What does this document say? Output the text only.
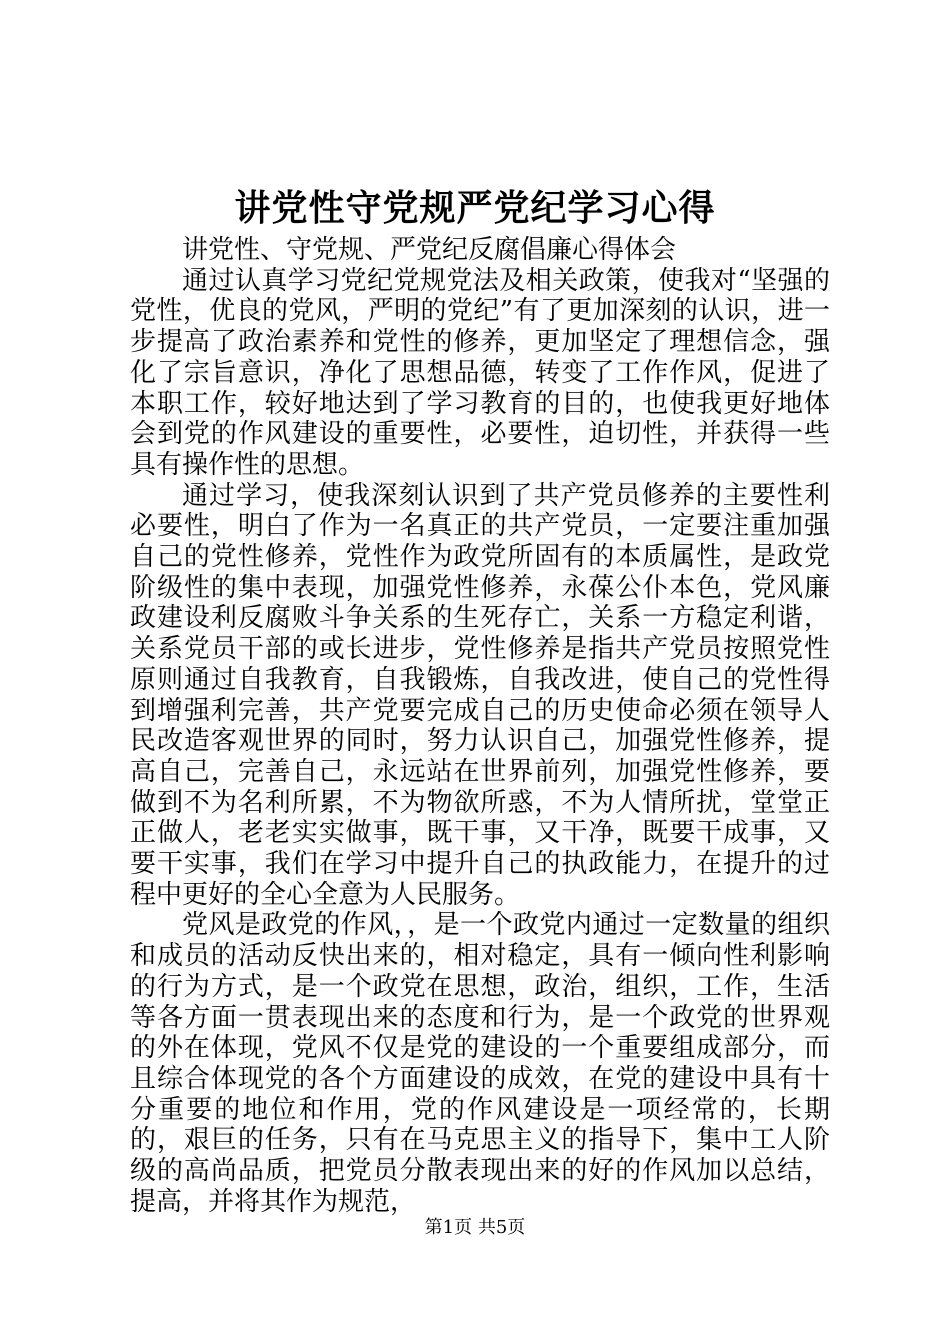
讲党性守党规严党纪学习心得

讲党性、守党规、严党纪反腐倡廉心得体会

通过认真学习党纪党规党法及相关政策，使我对“坚强的党性，优良的党风，严明的党纪”有了更加深刻的认识，进一步提高了政治素养和党性的修养，更加坚定了理想信念，强化了宗旨意识，净化了思想品德，转变了工作作风，促进了本职工作，较好地达到了学习教育的目的，也使我更好地体会到党的作风建设的重要性，必要性，迫切性，并获得一些具有操作性的思想。

通过学习，使我深刻认识到了共产党员修养的主要性利必要性，明白了作为一名真正的共产党员，一定要注重加强自己的党性修养，党性作为政党所固有的本质属性，是政党阶级性的集中表现，加强党性修养，永葆公仆本色，党风廉政建设利反腐败斗争关系的生死存亡，关系一方稳定利谐，关系党员干部的或长进步，党性修养是指共产党员按照党性原则通过自我教育，自我锻炼，自我改进，使自己的党性得到增强利完善，共产党要完成自己的历史使命必须在领导人民改造客观世界的同时，努力认识自己，加强党性修养，提高自己，完善自己，永远站在世界前列，加强党性修养，要做到不为名利所累，不为物欲所惑，不为人情所扰，堂堂正正做人，老老实实做事，既干事，又干净，既要干成事，又要干实事，我们在学习中提升自己的执政能力，在提升的过程中更好的全心全意为人民服务。

党风是政党的作风，，是一个政党内通过一定数量的组织和成员的活动反快出来的，相对稳定，具有一倾向性利影响的行为方式，是一个政党在思想，政治，组织，工作，生活等各方面一贯表现出来的态度和行为，是一个政党的世界观的外在体现，党风不仅是党的建设的一个重要组成部分，而且综合体现党的各个方面建设的成效，在党的建设中具有十分重要的地位和作用，党的作风建设是一项经常的，长期的，艰巨的任务，只有在马克思主义的指导下，集中工人阶级的高尚品质，把党员分散表现出来的好的作风加以总结，提高，并将其作为规范，

第1页 共5页
